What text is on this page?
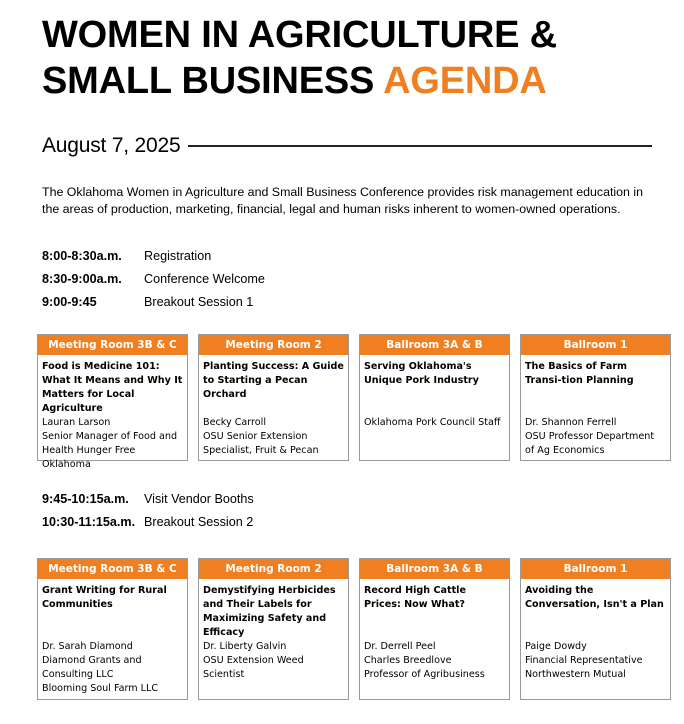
WOMEN IN AGRICULTURE &
SMALL BUSINESS AGENDA
August 7, 2025

The Oklahoma Women in Agriculture and Small Business Conference provides risk management education in the areas of production, marketing, financial, legal and human risks inherent to women-owned operations.

8:00-8:30a.m.	Registration
8:30-9:00a.m.	Conference Welcome
9:00-9:45	Breakout Session 1
Meeting Room 3B & C
Food is Medicine 101: What It Means and Why It Matters for Local Agriculture
Lauran Larson
Senior Manager of Food and Health Hunger Free Oklahoma
Meeting Room 2
Planting Success: A Guide to Starting a Pecan Orchard
Becky Carroll
OSU Senior Extension Specialist, Fruit & Pecan
Ballroom 3A & B
Serving Oklahoma's Unique Pork Industry
Oklahoma Pork Council Staff
Ballroom 1
The Basics of Farm Transi-tion Planning
Dr. Shannon Ferrell
OSU Professor Department of Ag Economics
9:45-10:15a.m.	Visit Vendor Booths
10:30-11:15a.m. Breakout Session 2
Meeting Room 3B & C
Grant Writing for Rural Communities
Dr. Sarah Diamond
Diamond Grants and Consulting LLC
Blooming Soul Farm LLC
Meeting Room 2
Demystifying Herbicides and Their Labels for Maximizing Safety and Efficacy
Dr. Liberty Galvin
OSU Extension Weed Scientist
Ballroom 3A & B
Record High Cattle Prices: Now What?
Dr. Derrell Peel
Charles Breedlove
Professor of Agribusiness
Ballroom 1
Avoiding the Conversation, Isn't a Plan
Paige Dowdy
Financial Representative
Northwestern Mutual
